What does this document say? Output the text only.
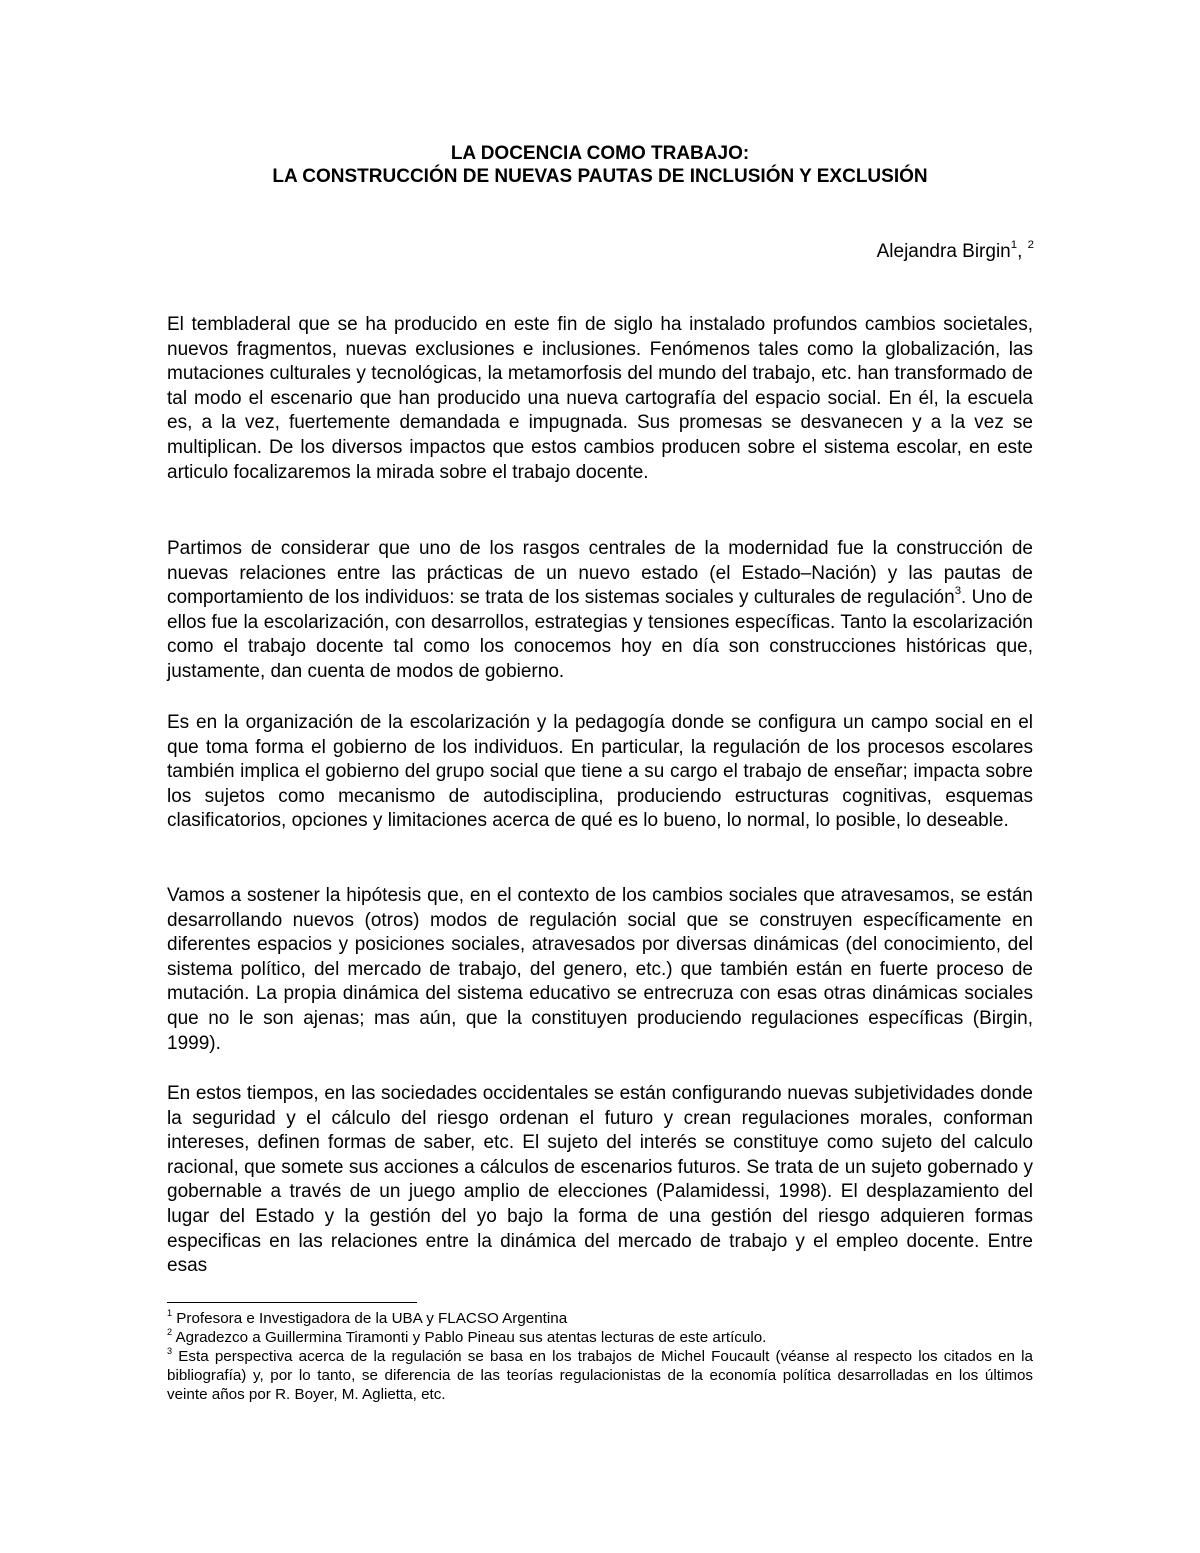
LA DOCENCIA COMO TRABAJO:
LA CONSTRUCCIÓN DE NUEVAS PAUTAS DE INCLUSIÓN Y EXCLUSIÓN
Alejandra Birgin$^1$, $^2$

El tembladeral que se ha producido en este fin de siglo ha instalado profundos cambios societales, nuevos fragmentos, nuevas exclusiones e inclusiones. Fenómenos tales como la globalización, las mutaciones culturales y tecnológicas, la metamorfosis del mundo del trabajo, etc. han transformado de tal modo el escenario que han producido una nueva cartografía del espacio social. En él, la escuela es, a la vez, fuertemente demandada e impugnada. Sus promesas se desvanecen y a la vez se multiplican. De los diversos impactos que estos cambios producen sobre el sistema escolar, en este articulo focalizaremos la mirada sobre el trabajo docente.

Partimos de considerar que uno de los rasgos centrales de la modernidad fue la construcción de nuevas relaciones entre las prácticas de un nuevo estado (el Estado–Nación) y las pautas de comportamiento de los individuos: se trata de los sistemas sociales y culturales de regulación$^3$. Uno de ellos fue la escolarización, con desarrollos, estrategias y tensiones específicas. Tanto la escolarización como el trabajo docente tal como los conocemos hoy en día son construcciones históricas que, justamente, dan cuenta de modos de gobierno.

Es en la organización de la escolarización y la pedagogía donde se configura un campo social en el que toma forma el gobierno de los individuos. En particular, la regulación de los procesos escolares también implica el gobierno del grupo social que tiene a su cargo el trabajo de enseñar; impacta sobre los sujetos como mecanismo de autodisciplina, produciendo estructuras cognitivas, esquemas clasificatorios, opciones y limitaciones acerca de qué es lo bueno, lo normal, lo posible, lo deseable.

Vamos a sostener la hipótesis que, en el contexto de los cambios sociales que atravesamos, se están desarrollando nuevos (otros) modos de regulación social que se construyen específicamente en diferentes espacios y posiciones sociales, atravesados por diversas dinámicas (del conocimiento, del sistema político, del mercado de trabajo, del genero, etc.) que también están en fuerte proceso de mutación. La propia dinámica del sistema educativo se entrecruza con esas otras dinámicas sociales que no le son ajenas; mas aún, que la constituyen produciendo regulaciones específicas (Birgin, 1999).

En estos tiempos, en las sociedades occidentales se están configurando nuevas subjetividades donde la seguridad y el cálculo del riesgo ordenan el futuro y crean regulaciones morales, conforman intereses, definen formas de saber, etc. El sujeto del interés se constituye como sujeto del calculo racional, que somete sus acciones a cálculos de escenarios futuros. Se trata de un sujeto gobernado y gobernable a través de un juego amplio de elecciones (Palamidessi, 1998). El desplazamiento del lugar del Estado y la gestión del yo bajo la forma de una gestión del riesgo adquieren formas especificas en las relaciones entre la dinámica del mercado de trabajo y el empleo docente. Entre esas

$^1$ Profesora e Investigadora de la UBA y FLACSO Argentina

$^2$ Agradezco a Guillermina Tiramonti y Pablo Pineau sus atentas lecturas de este artículo.

$^3$ Esta perspectiva acerca de la regulación se basa en los trabajos de Michel Foucault (véanse al respecto los citados en la bibliografía) y, por lo tanto, se diferencia de las teorías regulacionistas de la economía política desarrolladas en los últimos veinte años por R. Boyer, M. Aglietta, etc.
